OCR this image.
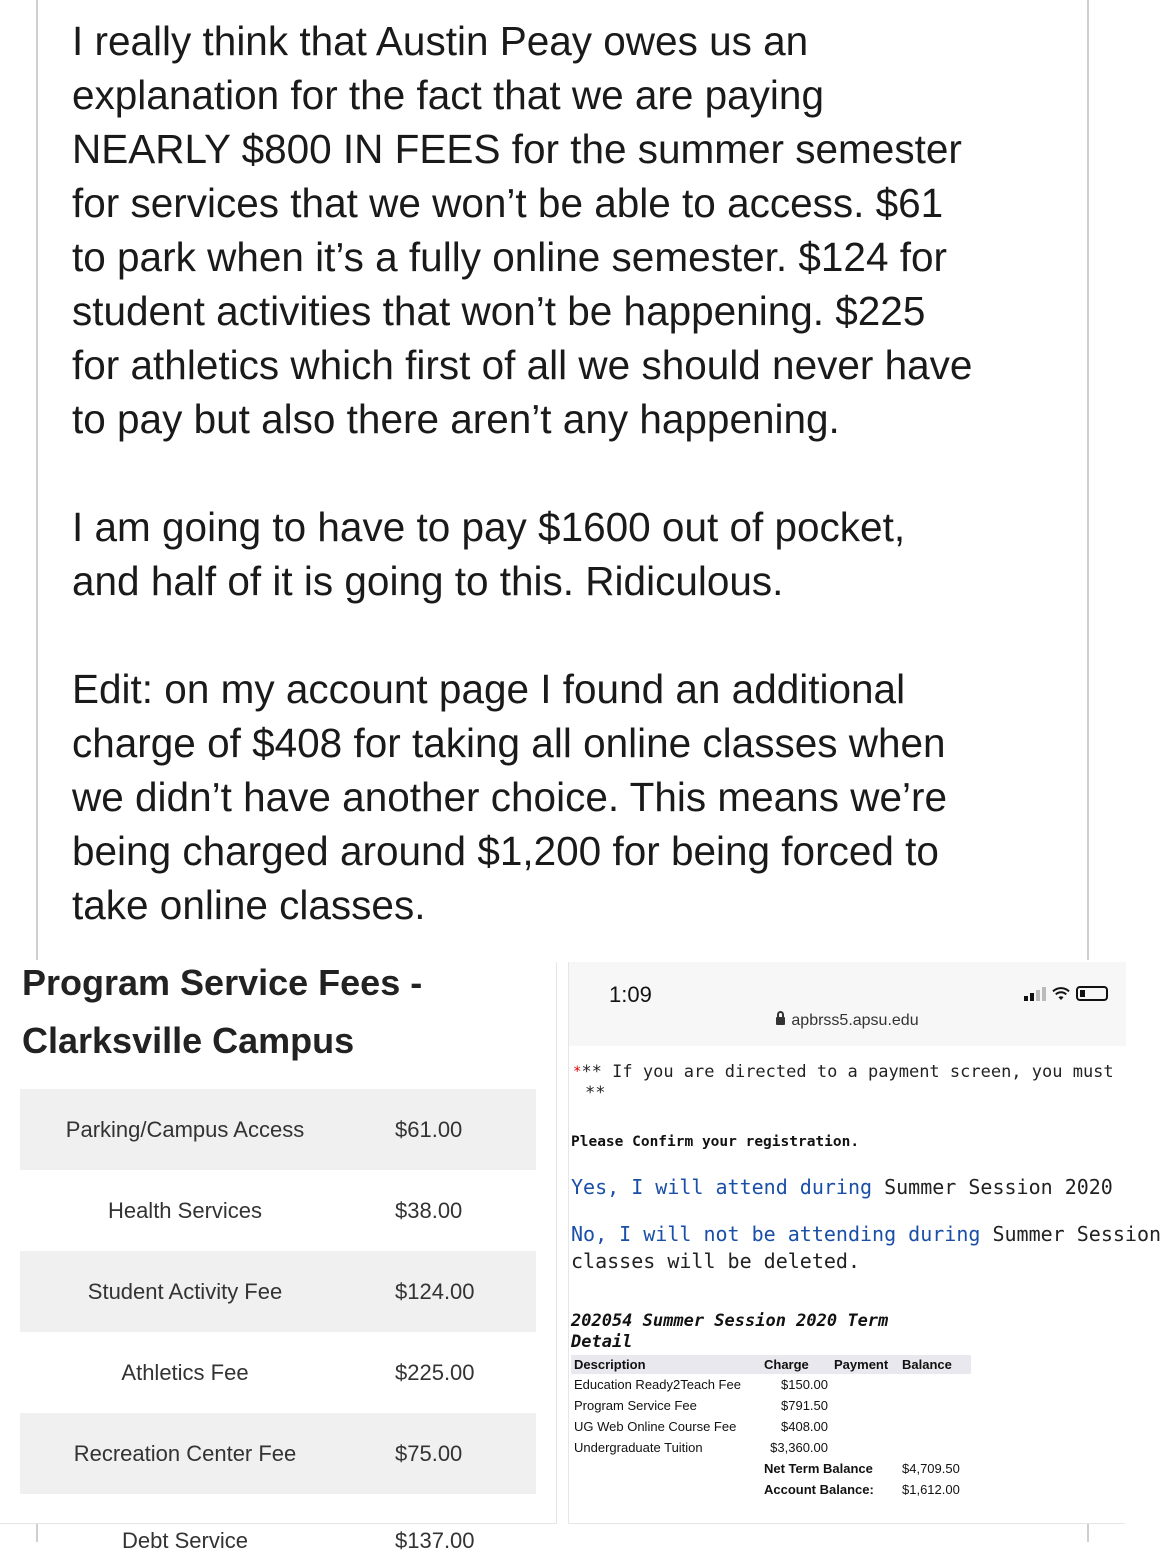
I really think that Austin Peay owes us an
explanation for the fact that we are paying
NEARLY $800 IN FEES for the summer semester
for services that we won’t be able to access. $61
to park when it’s a fully online semester. $124 for
student activities that won’t be happening. $225
for athletics which first of all we should never have
to pay but also there aren’t any happening.

I am going to have to pay $1600 out of pocket,
and half of it is going to this. Ridiculous.

Edit: on my account page I found an additional
charge of $408 for taking all online classes when
we didn’t have another choice. This means we’re
being charged around $1,200 for being forced to
take online classes.

Program Service Fees -
Clarksville Campus
Parking/Campus Access	$61.00
Health Services	$38.00
Student Activity Fee	$124.00
Athletics Fee	$225.00
Recreation Center Fee	$75.00
Debt Service	$137.00
1:09
apbrss5.apsu.edu
*** If you are directed to a payment screen, you must
**
Please Confirm your registration.
Yes, I will attend during Summer Session 2020
No, I will not be attending during Summer Session
classes will be deleted.
202054 Summer Session 2020 Term
Detail
Description	Charge	Payment	Balance
Education Ready2Teach Fee	$150.00		
Program Service Fee	$791.50		
UG Web Online Course Fee	$408.00		
Undergraduate Tuition	$3,360.00		
	Net Term Balance		$4,709.50
	Account Balance:		$1,612.00
